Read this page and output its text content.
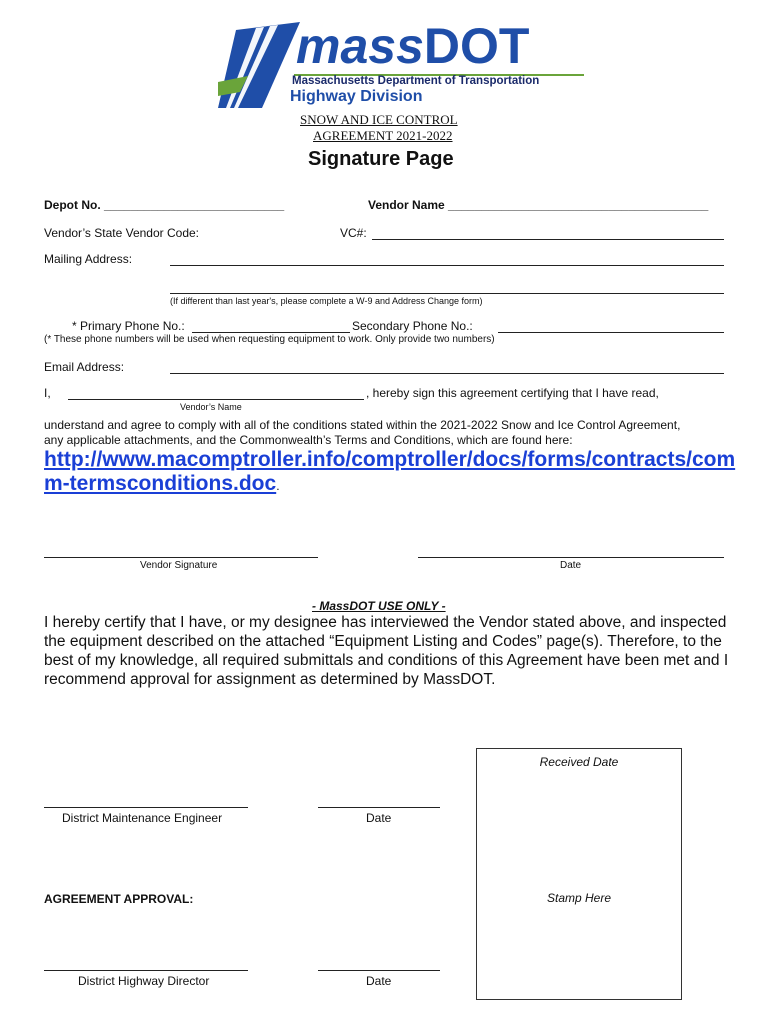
massDOT
Massachusetts Department of Transportation
Highway Division
SNOW AND ICE CONTROL
AGREEMENT 2021-2022
Signature Page
Depot No. ___________________________	Vendor Name _______________________________________
Vendor’s State Vendor Code:	VC#:
Mailing Address:
(If different than last year's, please complete a W-9 and Address Change form)
* Primary Phone No.:	Secondary Phone No.:
(* These phone numbers will be used when requesting equipment to work. Only provide two numbers)
Email Address:
I,	, hereby sign this agreement certifying that I have read,
Vendor’s Name
understand and agree to comply with all of the conditions stated within the 2021-2022 Snow and Ice Control Agreement,
any applicable attachments, and the Commonwealth’s Terms and Conditions, which are found here:
http://www.macomptroller.info/comptroller/docs/forms/contracts/com
m-termsconditions.doc.
Vendor Signature	Date
- MassDOT USE ONLY -
I hereby certify that I have, or my designee has interviewed the Vendor stated above, and inspected
the equipment described on the attached “Equipment Listing and Codes” page(s). Therefore, to the
best of my knowledge, all required submittals and conditions of this Agreement have been met and I
recommend approval for assignment as determined by MassDOT.
Received Date
Stamp Here
District Maintenance Engineer	Date
AGREEMENT APPROVAL:
District Highway Director	Date
